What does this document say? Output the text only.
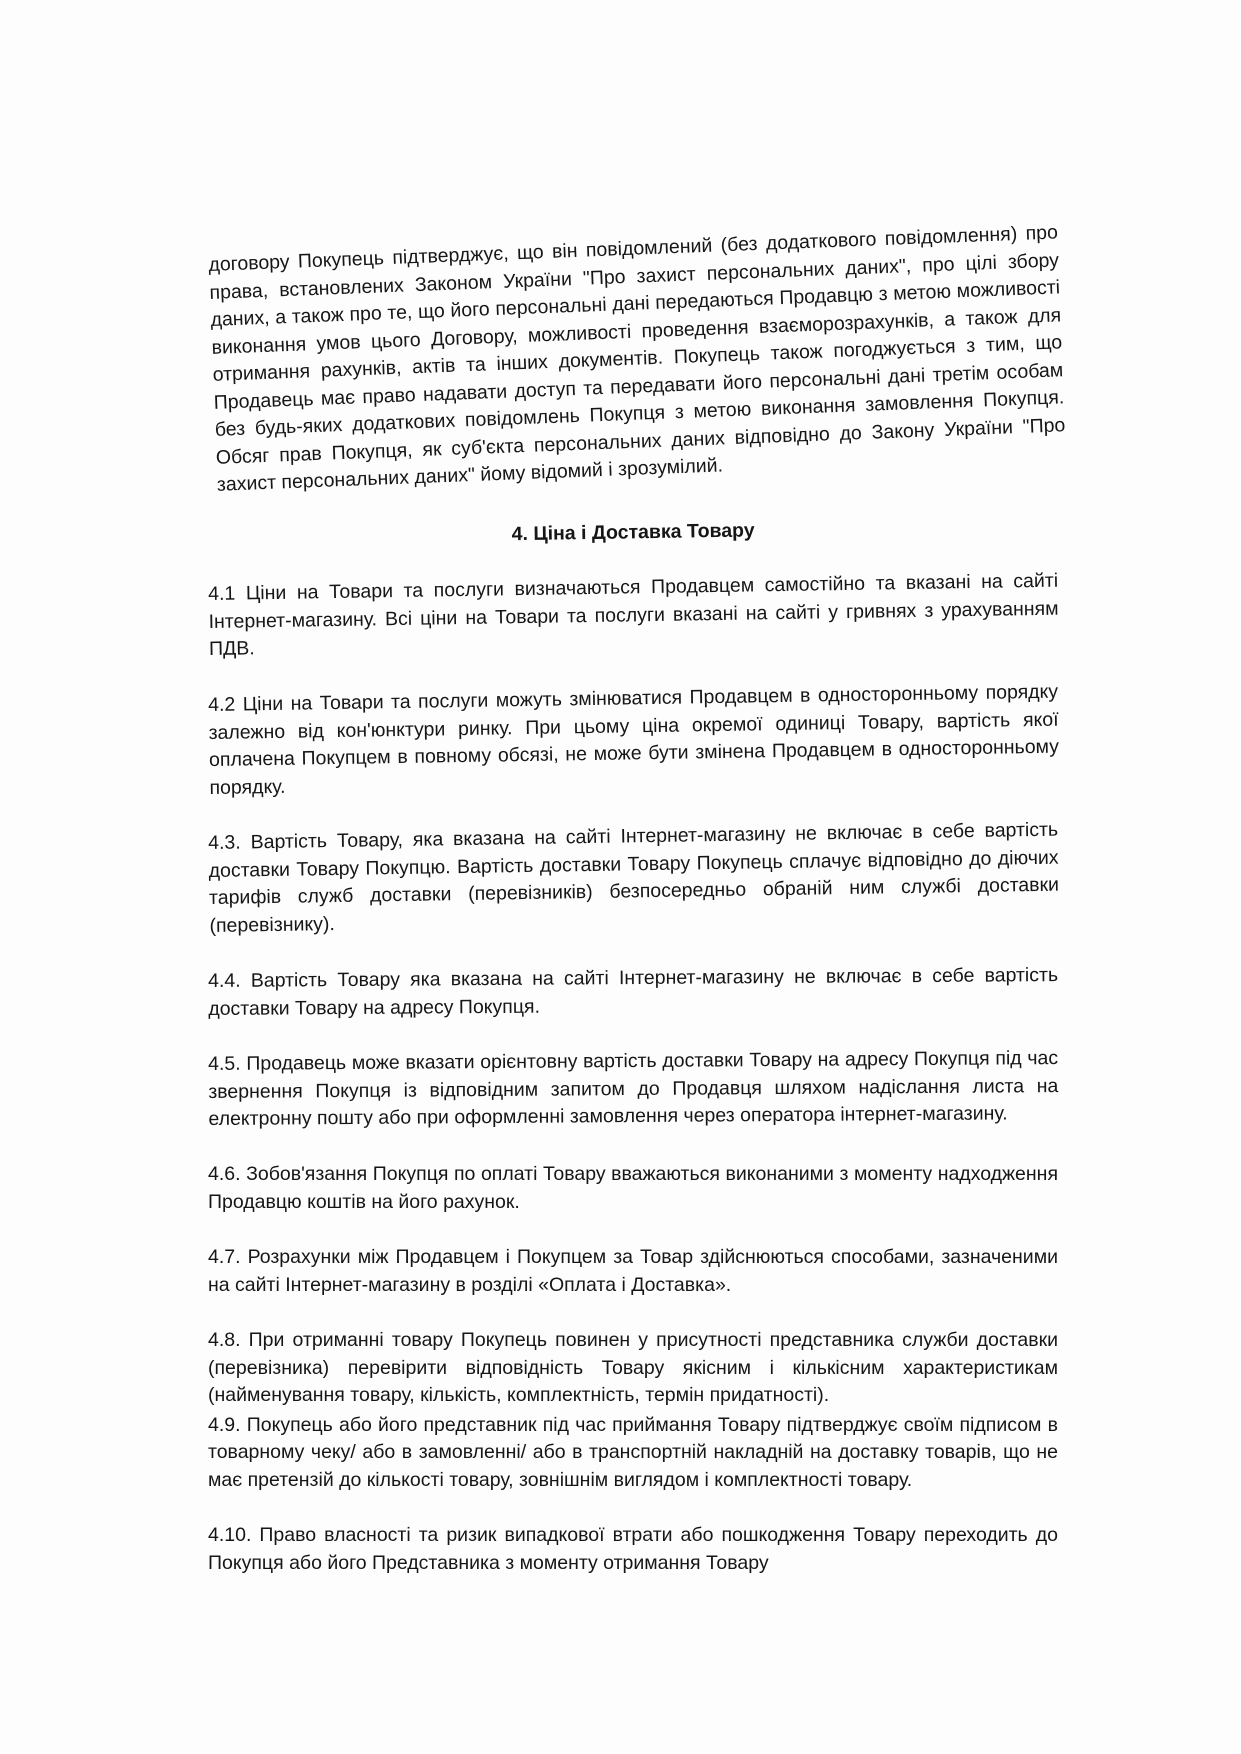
договору Покупець підтверджує, що він повідомлений (без додаткового повідомлення) про права, встановлених Законом України "Про захист персональних даних", про цілі збору даних, а також про те, що його персональні дані передаються Продавцю з метою можливості виконання умов цього Договору, можливості проведення взаєморозрахунків, а також для отримання рахунків, актів та інших документів. Покупець також погоджується з тим, що Продавець має право надавати доступ та передавати його персональні дані третім особам без будь-яких додаткових повідомлень Покупця з метою виконання замовлення Покупця. Обсяг прав Покупця, як суб'єкта персональних даних відповідно до Закону України "Про захист персональних даних" йому відомий і зрозумілий.

4. Ціна і Доставка Товару

4.1 Ціни на Товари та послуги визначаються Продавцем самостійно та вказані на сайті Інтернет-магазину. Всі ціни на Товари та послуги вказані на сайті у гривнях з урахуванням ПДВ.

4.2 Ціни на Товари та послуги можуть змінюватися Продавцем в односторонньому порядку залежно від кон'юнктури ринку. При цьому ціна окремої одиниці Товару, вартість якої оплачена Покупцем в повному обсязі, не може бути змінена Продавцем в односторонньому порядку.

4.3. Вартість Товару, яка вказана на сайті Інтернет-магазину не включає в себе вартість доставки Товару Покупцю. Вартість доставки Товару Покупець сплачує відповідно до діючих тарифів служб доставки (перевізників) безпосередньо обраній ним службі доставки (перевізнику).

4.4. Вартість Товару яка вказана на сайті Інтернет-магазину не включає в себе вартість доставки Товару на адресу Покупця.

4.5. Продавець може вказати орієнтовну вартість доставки Товару на адресу Покупця під час звернення Покупця із відповідним запитом до Продавця шляхом надіслання листа на електронну пошту або при оформленні замовлення через оператора інтернет-магазину.

4.6. Зобов'язання Покупця по оплаті Товару вважаються виконаними з моменту надходження Продавцю коштів на його рахунок.

4.7. Розрахунки між Продавцем і Покупцем за Товар здійснюються способами, зазначеними на сайті Інтернет-магазину в розділі «Оплата і Доставка».

4.8. При отриманні товару Покупець повинен у присутності представника служби доставки (перевізника) перевірити відповідність Товару якісним і кількісним характеристикам (найменування товару, кількість, комплектність, термін придатності).

4.9. Покупець або його представник під час приймання Товару підтверджує своїм підписом в товарному чеку/ або в замовленні/ або в транспортній накладній на доставку товарів, що не має претензій до кількості товару, зовнішнім виглядом і комплектності товару.

4.10. Право власності та ризик випадкової втрати або пошкодження Товару переходить до Покупця або його Представника з моменту отримання Товару
